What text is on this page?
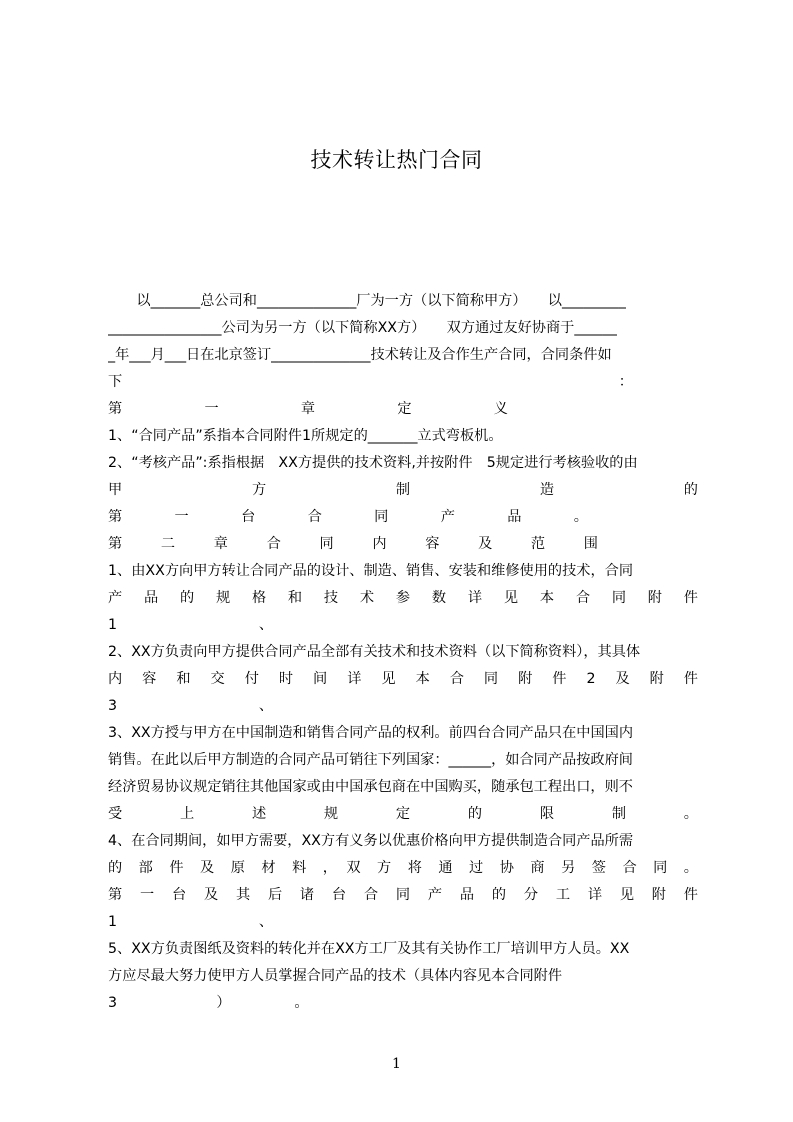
技术转让热门合同
　　以_______总公司和______________厂为一方（以下简称甲方）　　以_________
________________公司为另一方（以下简称XX方）　　双方通过友好协商于______
_年___月___日在北京签订______________技术转让及合作生产合同，合同条件如
下　　　　　　　　　　　　　　　　　　　　　　　　　　　　　　　　　　　：
第　　一　　章　　定　　义
1、“合同产品”系指本合同附件1所规定的_______立式弯板机。
2、“考核产品”:系指根据　XX方提供的技术资料,并按附件　5规定进行考核验收的由
甲　　方　　制　　造　　的
第　一　台　合　同　产　品　。
第　二　章　合　同　内　容　及　范　围
1、由XX方向甲方转让合同产品的设计、制造、销售、安装和维修使用的技术，合同
产　品　的　规　格　和　技　术　参　数　详　见　本　合　同　附　件
1　　　　　　　　　　、
2、XX方负责向甲方提供合同产品全部有关技术和技术资料（以下简称资料），其具体
内　容　和　交　付　时　间　详　见　本　合　同　附　件　2　及　附　件
3　　　　　　　　　　、
3、XX方授与甲方在中国制造和销售合同产品的权利。前四台合同产品只在中国国内
销售。在此以后甲方制造的合同产品可销往下列国家：______，如合同产品按政府间
经济贸易协议规定销往其他国家或由中国承包商在中国购买，随承包工程出口，则不
受　上　述　规　定　的　限　制　。
4、在合同期间，如甲方需要，XX方有义务以优惠价格向甲方提供制造合同产品所需
的　部　件　及　原　材　料　，　双　方　将　通　过　协　商　另　签　合　同　。
第　一　台　及　其　后　诸　台　合　同　产　品　的　分　工　详　见　附　件
1　　　　　　　　　　、
5、XX方负责图纸及资料的转化并在XX方工厂及其有关协作工厂培训甲方人员。XX
方应尽最大努力使甲方人员掌握合同产品的技术（具体内容见本合同附件
3　　　　　　　）　　　　　。
1
